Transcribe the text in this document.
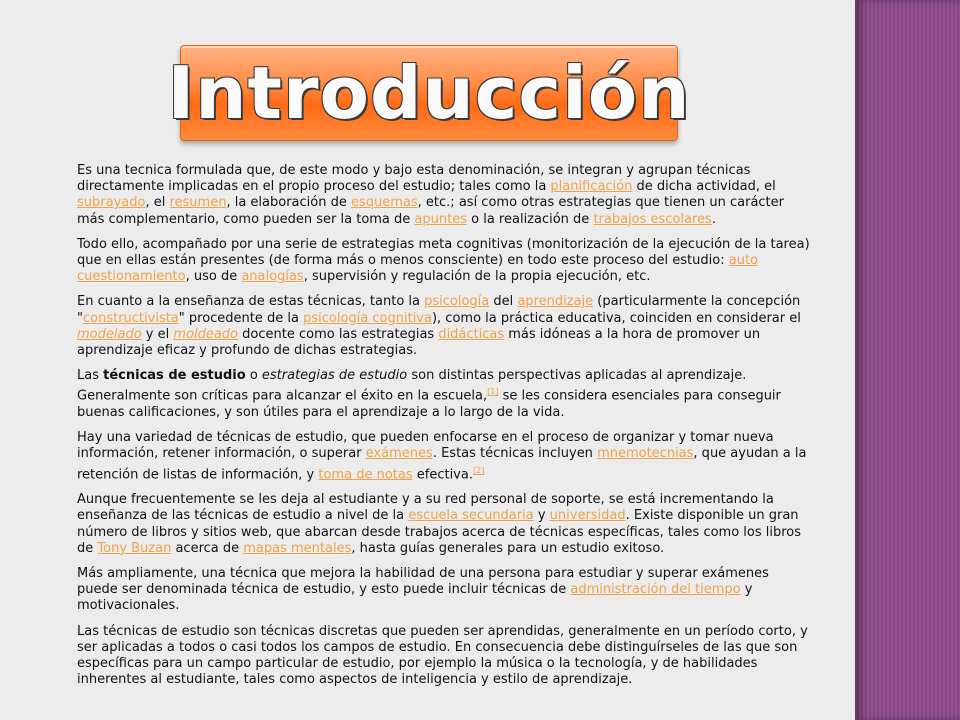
Introducción
Es una tecnica formulada que, de este modo y bajo esta denominación, se integran y agrupan técnicas directamente implicadas en el propio proceso del estudio; tales como la planificación de dicha actividad, el subrayado, el resumen, la elaboración de esquemas, etc.; así como otras estrategias que tienen un carácter más complementario, como pueden ser la toma de apuntes o la realización de trabajos escolares.
Todo ello, acompañado por una serie de estrategias meta cognitivas (monitorización de la ejecución de la tarea) que en ellas están presentes (de forma más o menos consciente) en todo este proceso del estudio: auto cuestionamiento, uso de analogías, supervisión y regulación de la propia ejecución, etc.
En cuanto a la enseñanza de estas técnicas, tanto la psicología del aprendizaje (particularmente la concepción "constructivista" procedente de la psicología cognitiva), como la práctica educativa, coinciden en considerar el modelado y el moldeado docente como las estrategias didácticas más idóneas a la hora de promover un aprendizaje eficaz y profundo de dichas estrategias.
Las técnicas de estudio o estrategias de estudio son distintas perspectivas aplicadas al aprendizaje. Generalmente son críticas para alcanzar el éxito en la escuela,[1] se les considera esenciales para conseguir buenas calificaciones, y son útiles para el aprendizaje a lo largo de la vida.
Hay una variedad de técnicas de estudio, que pueden enfocarse en el proceso de organizar y tomar nueva información, retener información, o superar exámenes. Estas técnicas incluyen mnemotecnias, que ayudan a la retención de listas de información, y toma de notas efectiva.[2]
Aunque frecuentemente se les deja al estudiante y a su red personal de soporte, se está incrementando la enseñanza de las técnicas de estudio a nivel de la escuela secundaria y universidad. Existe disponible un gran número de libros y sitios web, que abarcan desde trabajos acerca de técnicas específicas, tales como los libros de Tony Buzan acerca de mapas mentales, hasta guías generales para un estudio exitoso.
Más ampliamente, una técnica que mejora la habilidad de una persona para estudiar y superar exámenes puede ser denominada técnica de estudio, y esto puede incluir técnicas de administración del tiempo y motivacionales.
Las técnicas de estudio son técnicas discretas que pueden ser aprendidas, generalmente en un período corto, y ser aplicadas a todos o casi todos los campos de estudio. En consecuencia debe distinguírseles de las que son específicas para un campo particular de estudio, por ejemplo la música o la tecnología, y de habilidades inherentes al estudiante, tales como aspectos de inteligencia y estilo de aprendizaje.
